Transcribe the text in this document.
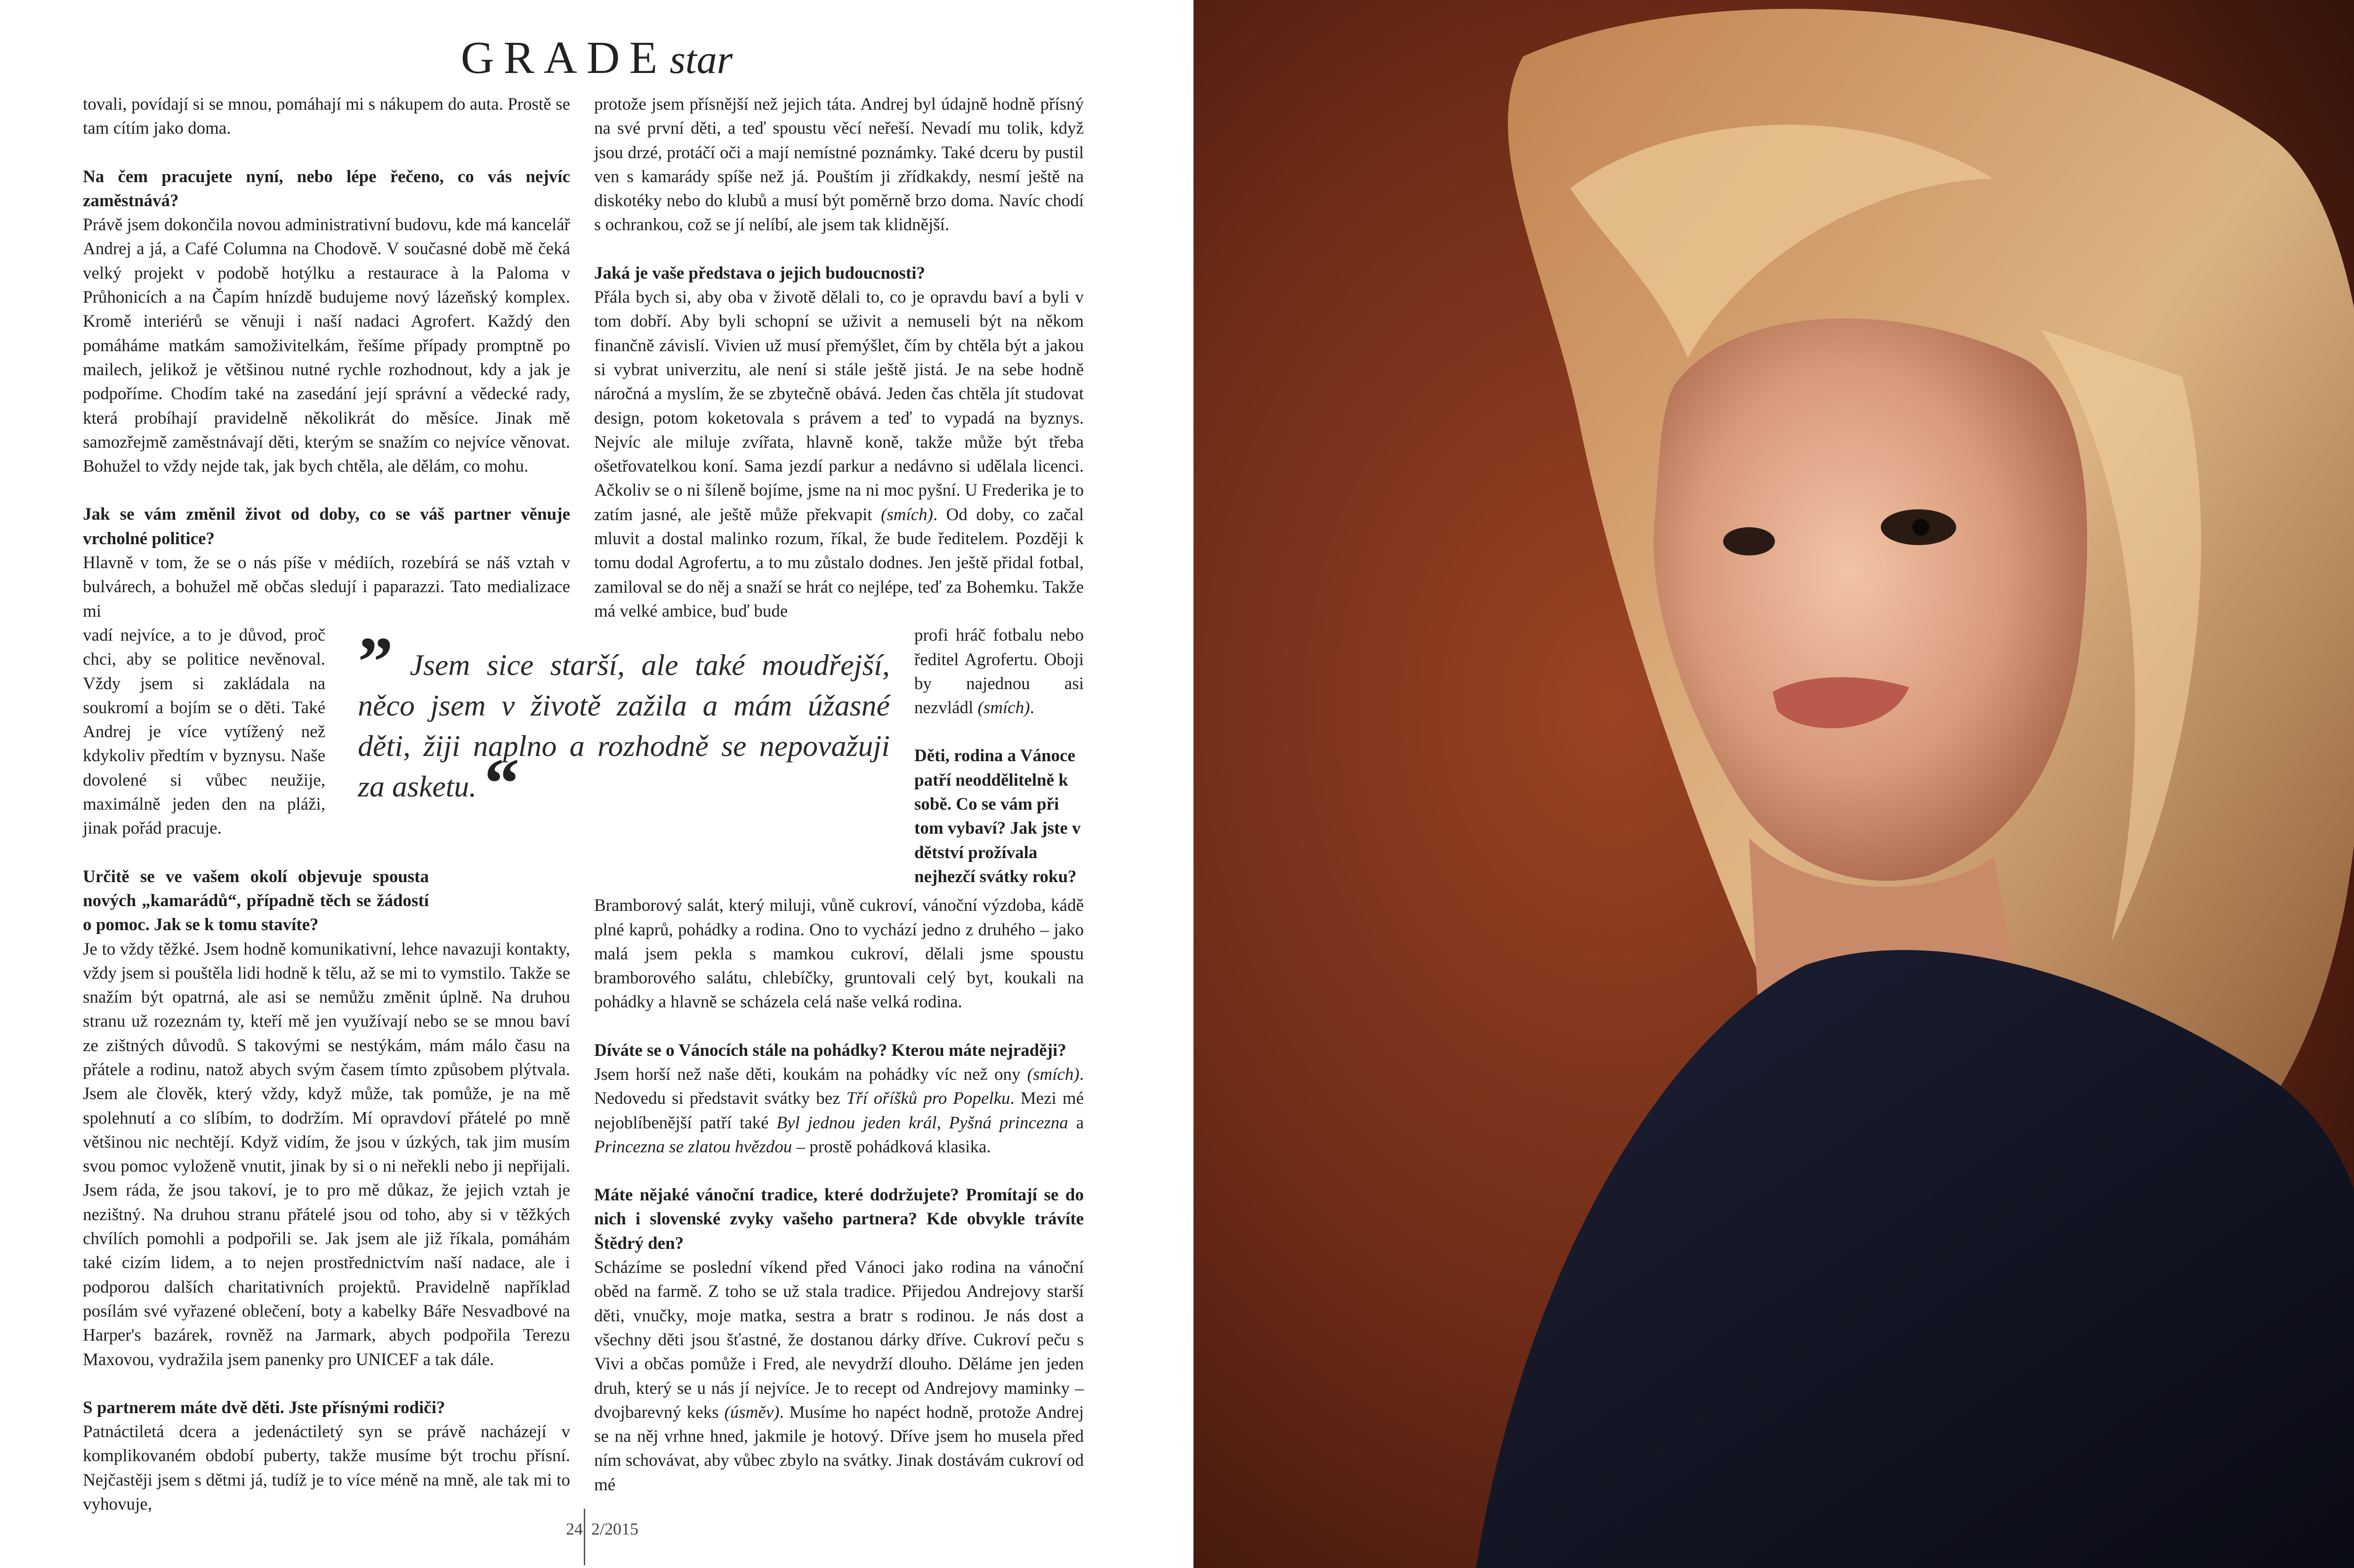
GRADEstar

tovali, povídají si se mnou, pomáhají mi s nákupem do auta. Prostě se tam cítím jako doma.

Na čem pracujete nyní, nebo lépe řečeno, co vás nejvíc zaměstnává?

Právě jsem dokončila novou administrativní budovu, kde má kancelář Andrej a já, a Café Columna na Chodově. V současné době mě čeká velký projekt v podobě hotýlku a restaurace à la Paloma v Průhonicích a na Čapím hnízdě budujeme nový lázeňský komplex. Kromě interiérů se věnuji i naší nadaci Agrofert. Každý den pomáháme matkám samoživitelkám, řešíme případy promptně po mailech, jelikož je většinou nutné rychle rozhodnout, kdy a jak je podpoříme. Chodím také na zasedání její správní a vědecké rady, která probíhají pravidelně několikrát do měsíce. Jinak mě samozřejmě zaměstnávají děti, kterým se snažím co nejvíce věnovat. Bohužel to vždy nejde tak, jak bych chtěla, ale dělám, co mohu.

Jak se vám změnil život od doby, co se váš partner věnuje vrcholné politice?

Hlavně v tom, že se o nás píše v médiích, rozebírá se náš vztah v bulvárech, a bohužel mě občas sledují i paparazzi. Tato medializace mi

vadí nejvíce, a to je důvod, proč chci, aby se politice nevěnoval. Vždy jsem si zakládala na soukromí a bojím se o děti. Také Andrej je více vytížený než kdykoliv předtím v byznysu. Naše dovolené si vůbec neužije, maximálně jeden den na pláži, jinak pořád pracuje.

Určitě se ve vašem okolí objevuje spousta nových „kamarádů“, případně těch se žádostí o pomoc. Jak se k tomu stavíte?

Je to vždy těžké. Jsem hodně komunikativní, lehce navazuji kontakty, vždy jsem si pouštěla lidi hodně k tělu, až se mi to vymstilo. Takže se snažím být opatrná, ale asi se nemůžu změnit úplně. Na druhou stranu už rozeznám ty, kteří mě jen využívají nebo se se mnou baví ze zištných důvodů. S takovými se nestýkám, mám málo času na přátele a rodinu, natož abych svým časem tímto způsobem plýtvala. Jsem ale člověk, který vždy, když může, tak pomůže, je na mě spolehnutí a co slíbím, to dodržím. Mí opravdoví přátelé po mně většinou nic nechtějí. Když vidím, že jsou v úzkých, tak jim musím svou pomoc vyloženě vnutit, jinak by si o ni neřekli nebo ji nepřijali. Jsem ráda, že jsou takoví, je to pro mě důkaz, že jejich vztah je nezištný. Na druhou stranu přátelé jsou od toho, aby si v těžkých chvílích pomohli a podpořili se. Jak jsem ale již říkala, pomáhám také cizím lidem, a to nejen prostřednictvím naší nadace, ale i podporou dalších charitativních projektů. Pravidelně například posílám své vyřazené oblečení, boty a kabelky Báře Nesvadbové na Harper's bazárek, rovněž na Jarmark, abych podpořila Terezu Maxovou, vydražila jsem panenky pro UNICEF a tak dále.

S partnerem máte dvě děti. Jste přísnými rodiči?

Patnáctiletá dcera a jedenáctiletý syn se právě nacházejí v komplikovaném období puberty, takže musíme být trochu přísní. Nejčastěji jsem s dětmi já, tudíž je to více méně na mně, ale tak mi to vyhovuje,

protože jsem přísnější než jejich táta. Andrej byl údajně hodně přísný na své první děti, a teď spoustu věcí neřeší. Nevadí mu tolik, když jsou drzé, protáčí oči a mají nemístné poznámky. Také dceru by pustil ven s kamarády spíše než já. Pouštím ji zřídkakdy, nesmí ještě na diskotéky nebo do klubů a musí být poměrně brzo doma. Navíc chodí s ochrankou, což se jí nelíbí, ale jsem tak klidnější.

Jaká je vaše představa o jejich budoucnosti?

Přála bych si, aby oba v životě dělali to, co je opravdu baví a byli v tom dobří. Aby byli schopní se uživit a nemuseli být na někom finančně závislí. Vivien už musí přemýšlet, čím by chtěla být a jakou si vybrat univerzitu, ale není si stále ještě jistá. Je na sebe hodně náročná a myslím, že se zbytečně obává. Jeden čas chtěla jít studovat design, potom koketovala s právem a teď to vypadá na byznys. Nejvíc ale miluje zvířata, hlavně koně, takže může být třeba ošetřovatelkou koní. Sama jezdí parkur a nedávno si udělala licenci. Ačkoliv se o ni šíleně bojíme, jsme na ni moc pyšní. U Frederika je to zatím jasné, ale ještě může překvapit (smích). Od doby, co začal mluvit a dostal malinko rozum, říkal, že bude ředitelem. Později k tomu dodal Agrofertu, a to mu zůstalo dodnes. Jen ještě přidal fotbal, zamiloval se do něj a snaží se hrát co nejlépe, teď za Bohemku. Takže má velké ambice, buď bude

profi hráč fotbalu nebo ředitel Agrofertu. Oboji by najednou asi nezvládl (smích).

Děti, rodina a Vánoce patří neoddělitelně k sobě. Co se vám při tom vybaví? Jak jste v dětství prožívala nejhezčí svátky roku?

Bramborový salát, který miluji, vůně cukroví, vánoční výzdoba, kádě plné kaprů, pohádky a rodina. Ono to vychází jedno z druhého – jako malá jsem pekla s mamkou cukroví, dělali jsme spoustu bramborového salátu, chlebíčky, gruntovali celý byt, koukali na pohádky a hlavně se scházela celá naše velká rodina.

Díváte se o Vánocích stále na pohádky? Kterou máte nejraději?

Jsem horší než naše děti, koukám na pohádky víc než ony (smích). Nedovedu si představit svátky bez Tří oříšků pro Popelku. Mezi mé nejoblíbenější patří také Byl jednou jeden král, Pyšná princezna a Princezna se zlatou hvězdou – prostě pohádková klasika.

Máte nějaké vánoční tradice, které dodržujete? Promítají se do nich i slovenské zvyky vašeho partnera? Kde obvykle trávíte Štědrý den?

Scházíme se poslední víkend před Vánoci jako rodina na vánoční oběd na farmě. Z toho se už stala tradice. Přijedou Andrejovy starší děti, vnučky, moje matka, sestra a bratr s rodinou. Je nás dost a všechny děti jsou šťastné, že dostanou dárky dříve. Cukroví peču s Vivi a občas pomůže i Fred, ale nevydrží dlouho. Děláme jen jeden druh, který se u nás jí nejvíce. Je to recept od Andrejovy maminky – dvojbarevný keks (úsměv). Musíme ho napéct hodně, protože Andrej se na něj vrhne hned, jakmile je hotový. Dříve jsem ho musela před ním schovávat, aby vůbec zbylo na svátky. Jinak dostávám cukroví od mé

” Jsem sice starší, ale také moudřejší, něco jsem v životě zažila a mám úžasné děti, žiji naplno a rozhodně se nepovažuji za asketu. “
24 2/2015
